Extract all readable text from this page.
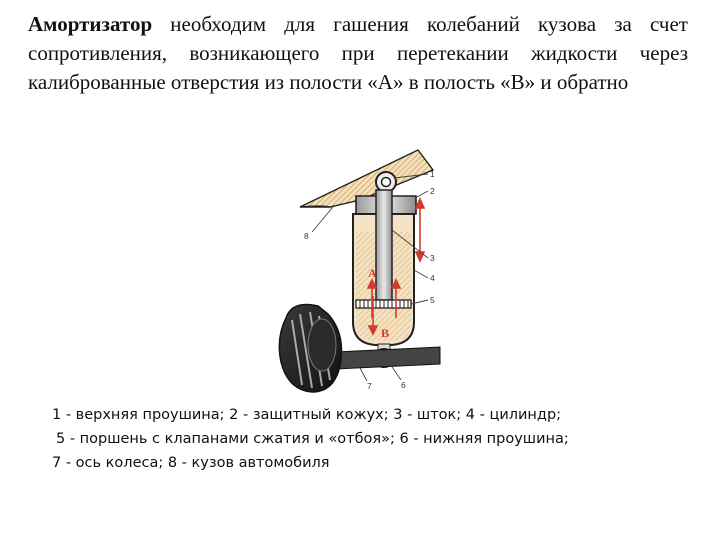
Амортизатор необходим для гашения колебаний кузова за счет сопротивления, возникающего при перетекании жидкости через калиброванные отверстия из полости «А» в полость «В» и обратно
А
В
1
2
3
4
5
6
7
8
1 - верхняя проушина; 2 - защитный кожух; 3 - шток; 4 - цилиндр;
5 - поршень с клапанами сжатия и «отбоя»; 6 - нижняя проушина;
7 - ось колеса; 8 - кузов автомобиля
